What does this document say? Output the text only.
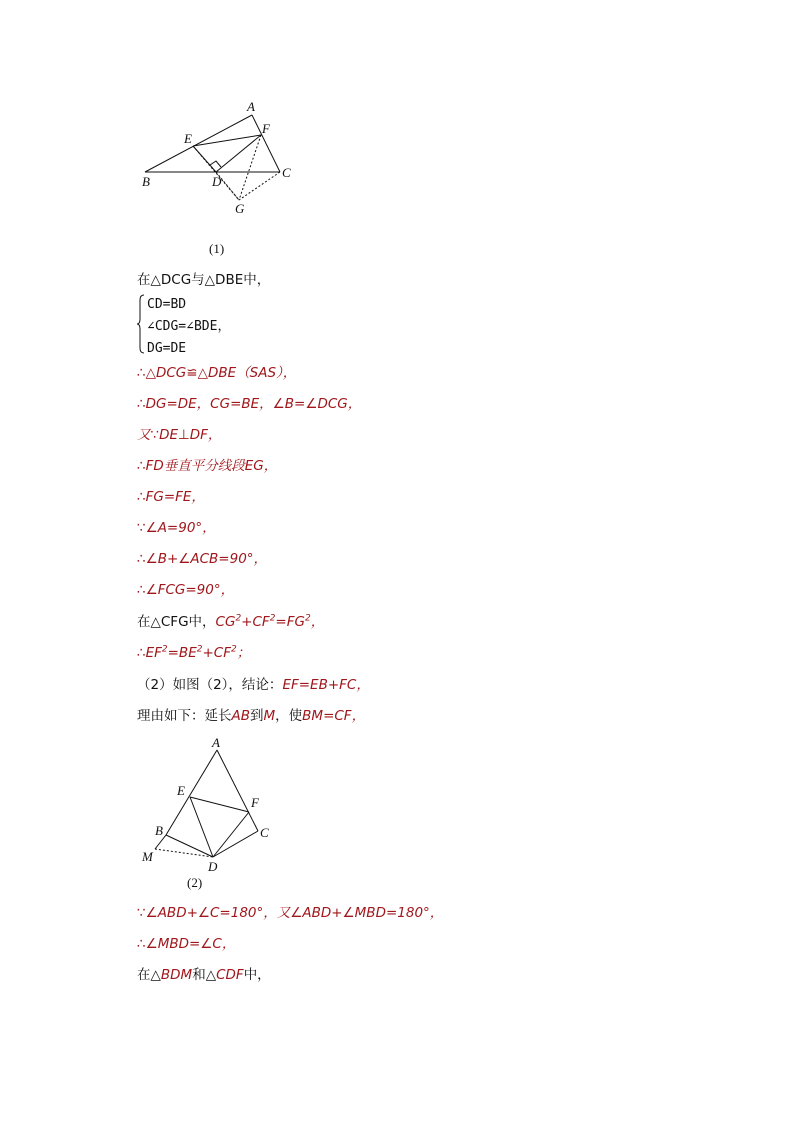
A
E
F
B	D
C
G
(1)
在△DCG与△DBE中，
CD=BD
∠CDG=∠BDE，
DG=DE
∴△DCG≌△DBE（SAS），
∴DG=DE，CG=BE，∠B=∠DCG，
又∵DE⊥DF，
∴FD垂直平分线段EG，
∴FG=FE，
∵∠A=90°，
∴∠B+∠ACB=90°，
∴∠FCG=90°，
在△CFG中，$CG^2+CF^2=FG^2$，
$\therefore EF^2=BE^2+CF^2$；
（2）如图（2），结论：EF=EB+FC，
理由如下：延长AB到M，使BM=CF，
A
E
F
B	C
M
D
(2)
∵∠ABD+∠C=180°，又∠ABD+∠MBD=180°，
∴∠MBD=∠C，
在△BDM和△CDF中，
